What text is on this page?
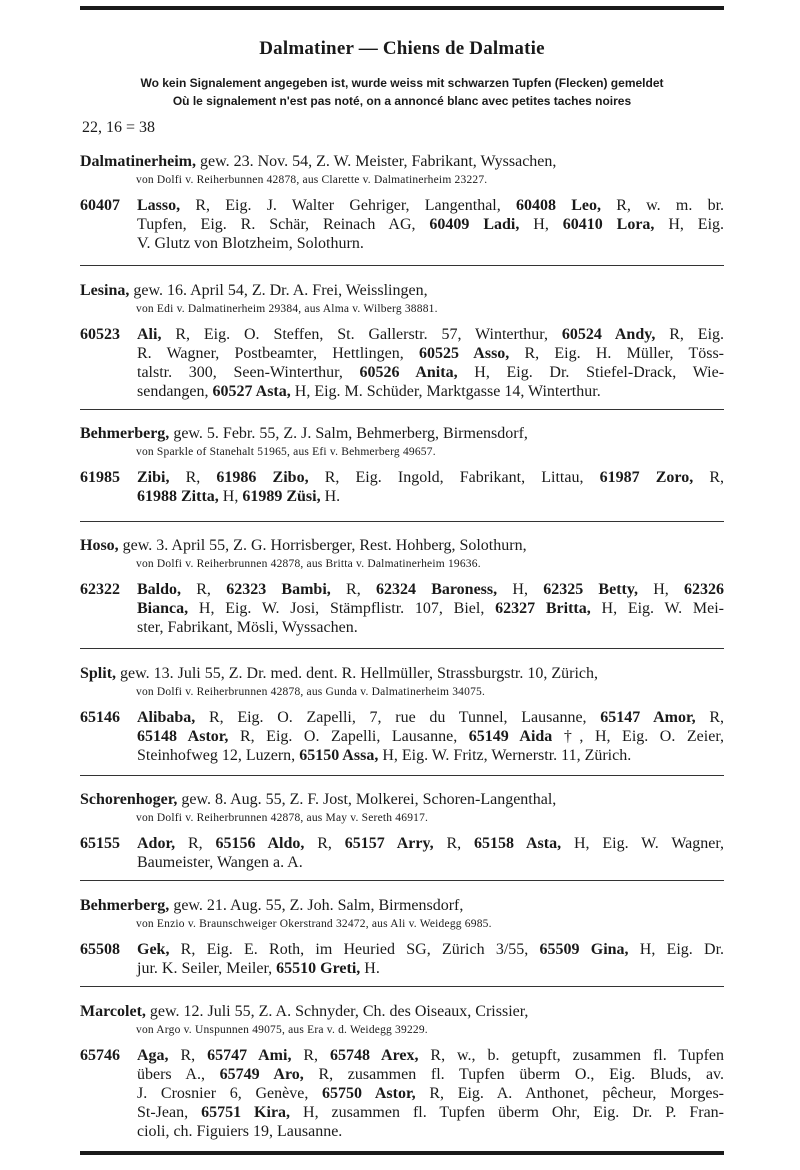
Dalmatiner — Chiens de Dalmatie
Wo kein Signalement angegeben ist, wurde weiss mit schwarzen Tupfen (Flecken) gemeldet
Où le signalement n'est pas noté, on a annoncé blanc avec petites taches noires
22, 16 = 38
Dalmatinerheim, gew. 23. Nov. 54, Z. W. Meister, Fabrikant, Wyssachen,
von Dolfi v. Reiherbunnen 42878, aus Clarette v. Dalmatinerheim 23227.
60407 Lasso, R, Eig. J. Walter Gehriger, Langenthal, 60408 Leo, R, w. m. br.
Tupfen, Eig. R. Schär, Reinach AG, 60409 Ladi, H, 60410 Lora, H, Eig.
V. Glutz von Blotzheim, Solothurn.
Lesina, gew. 16. April 54, Z. Dr. A. Frei, Weisslingen,
von Edi v. Dalmatinerheim 29384, aus Alma v. Wilberg 38881.
60523 Ali, R, Eig. O. Steffen, St. Gallerstr. 57, Winterthur, 60524 Andy, R, Eig.
R. Wagner, Postbeamter, Hettlingen, 60525 Asso, R, Eig. H. Müller, Töss-
talstr. 300, Seen-Winterthur, 60526 Anita, H, Eig. Dr. Stiefel-Drack, Wie-
sendangen, 60527 Asta, H, Eig. M. Schüder, Marktgasse 14, Winterthur.
Behmerberg, gew. 5. Febr. 55, Z. J. Salm, Behmerberg, Birmensdorf,
von Sparkle of Stanehalt 51965, aus Efi v. Behmerberg 49657.
61985 Zibi, R, 61986 Zibo, R, Eig. Ingold, Fabrikant, Littau, 61987 Zoro, R,
61988 Zitta, H, 61989 Züsi, H.
Hoso, gew. 3. April 55, Z. G. Horrisberger, Rest. Hohberg, Solothurn,
von Dolfi v. Reiherbrunnen 42878, aus Britta v. Dalmatinerheim 19636.
62322 Baldo, R, 62323 Bambi, R, 62324 Baroness, H, 62325 Betty, H, 62326
Bianca, H, Eig. W. Josi, Stämpflistr. 107, Biel, 62327 Britta, H, Eig. W. Mei-
ster, Fabrikant, Mösli, Wyssachen.
Split, gew. 13. Juli 55, Z. Dr. med. dent. R. Hellmüller, Strassburgstr. 10, Zürich,
von Dolfi v. Reiherbrunnen 42878, aus Gunda v. Dalmatinerheim 34075.
65146 Alibaba, R, Eig. O. Zapelli, 7, rue du Tunnel, Lausanne, 65147 Amor, R,
65148 Astor, R, Eig. O. Zapelli, Lausanne, 65149 Aida †, H, Eig. O. Zeier,
Steinhofweg 12, Luzern, 65150 Assa, H, Eig. W. Fritz, Wernerstr. 11, Zürich.
Schorenhoger, gew. 8. Aug. 55, Z. F. Jost, Molkerei, Schoren-Langenthal,
von Dolfi v. Reiherbrunnen 42878, aus May v. Sereth 46917.
65155 Ador, R, 65156 Aldo, R, 65157 Arry, R, 65158 Asta, H, Eig. W. Wagner,
Baumeister, Wangen a. A.
Behmerberg, gew. 21. Aug. 55, Z. Joh. Salm, Birmensdorf,
von Enzio v. Braunschweiger Okerstrand 32472, aus Ali v. Weidegg 6985.
65508 Gek, R, Eig. E. Roth, im Heuried SG, Zürich 3/55, 65509 Gina, H, Eig. Dr.
jur. K. Seiler, Meiler, 65510 Greti, H.
Marcolet, gew. 12. Juli 55, Z. A. Schnyder, Ch. des Oiseaux, Crissier,
von Argo v. Unspunnen 49075, aus Era v. d. Weidegg 39229.
65746 Aga, R, 65747 Ami, R, 65748 Arex, R, w., b. getupft, zusammen fl. Tupfen
übers A., 65749 Aro, R, zusammen fl. Tupfen überm O., Eig. Bluds, av.
J. Crosnier 6, Genève, 65750 Astor, R, Eig. A. Anthonet, pêcheur, Morges-
St-Jean, 65751 Kira, H, zusammen fl. Tupfen überm Ohr, Eig. Dr. P. Fran-
cioli, ch. Figuiers 19, Lausanne.
